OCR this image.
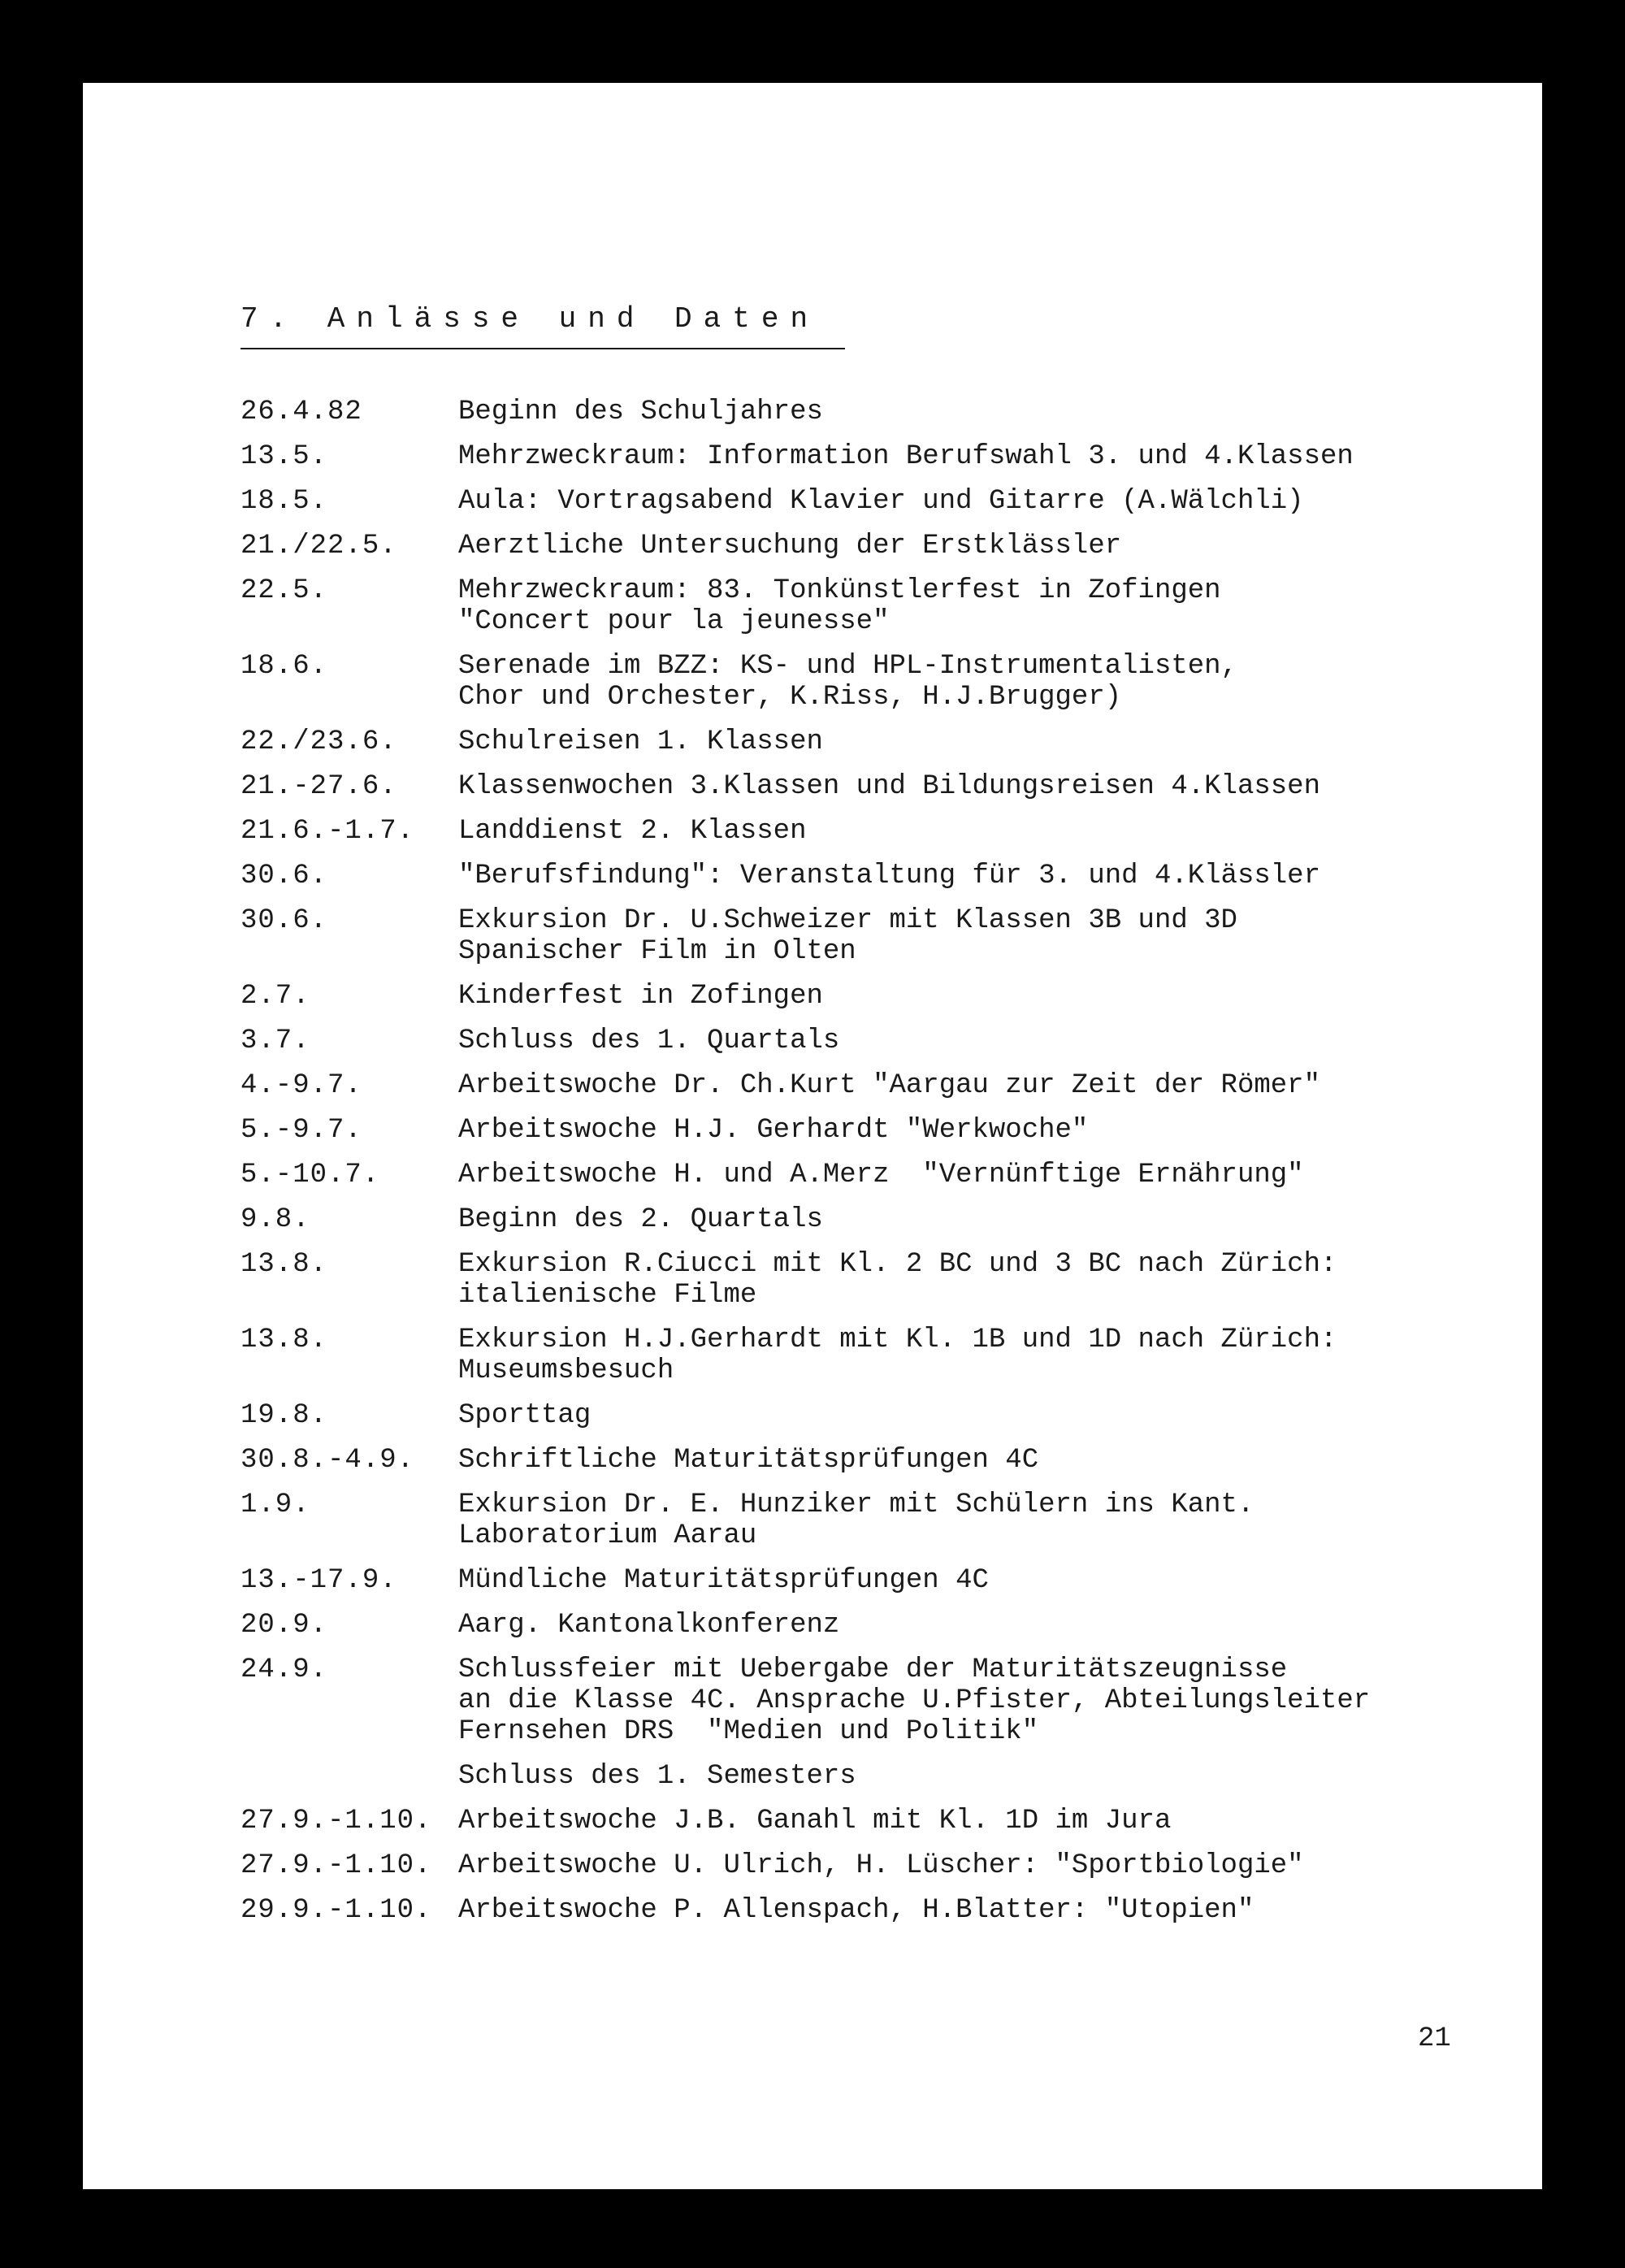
7. Anlässe und Daten
26.4.82	Beginn des Schuljahres
13.5.	Mehrzweckraum: Information Berufswahl 3. und 4.Klassen
18.5.	Aula: Vortragsabend Klavier und Gitarre (A.Wälchli)
21./22.5.	Aerztliche Untersuchung der Erstklässler
22.5.	Mehrzweckraum: 83. Tonkünstlerfest in Zofingen
"Concert pour la jeunesse"
18.6.	Serenade im BZZ: KS- und HPL-Instrumentalisten,
Chor und Orchester, K.Riss, H.J.Brugger)
22./23.6.	Schulreisen 1. Klassen
21.-27.6.	Klassenwochen 3.Klassen und Bildungsreisen 4.Klassen
21.6.-1.7.	Landdienst 2. Klassen
30.6.	"Berufsfindung": Veranstaltung für 3. und 4.Klässler
30.6.	Exkursion Dr. U.Schweizer mit Klassen 3B und 3D
Spanischer Film in Olten
2.7.	Kinderfest in Zofingen
3.7.	Schluss des 1. Quartals
4.-9.7.	Arbeitswoche Dr. Ch.Kurt "Aargau zur Zeit der Römer"
5.-9.7.	Arbeitswoche H.J. Gerhardt "Werkwoche"
5.-10.7.	Arbeitswoche H. und A.Merz  "Vernünftige Ernährung"
9.8.	Beginn des 2. Quartals
13.8.	Exkursion R.Ciucci mit Kl. 2 BC und 3 BC nach Zürich:
italienische Filme
13.8.	Exkursion H.J.Gerhardt mit Kl. 1B und 1D nach Zürich:
Museumsbesuch
19.8.	Sporttag
30.8.-4.9.	Schriftliche Maturitätsprüfungen 4C
1.9.	Exkursion Dr. E. Hunziker mit Schülern ins Kant.
Laboratorium Aarau
13.-17.9.	Mündliche Maturitätsprüfungen 4C
20.9.	Aarg. Kantonalkonferenz
24.9.	Schlussfeier mit Uebergabe der Maturitätszeugnisse
an die Klasse 4C. Ansprache U.Pfister, Abteilungsleiter
Fernsehen DRS  "Medien und Politik"
Schluss des 1. Semesters
27.9.-1.10. Arbeitswoche J.B. Ganahl mit Kl. 1D im Jura
27.9.-1.10. Arbeitswoche U. Ulrich, H. Lüscher: "Sportbiologie"
29.9.-1.10. Arbeitswoche P. Allenspach, H.Blatter: "Utopien"
21
